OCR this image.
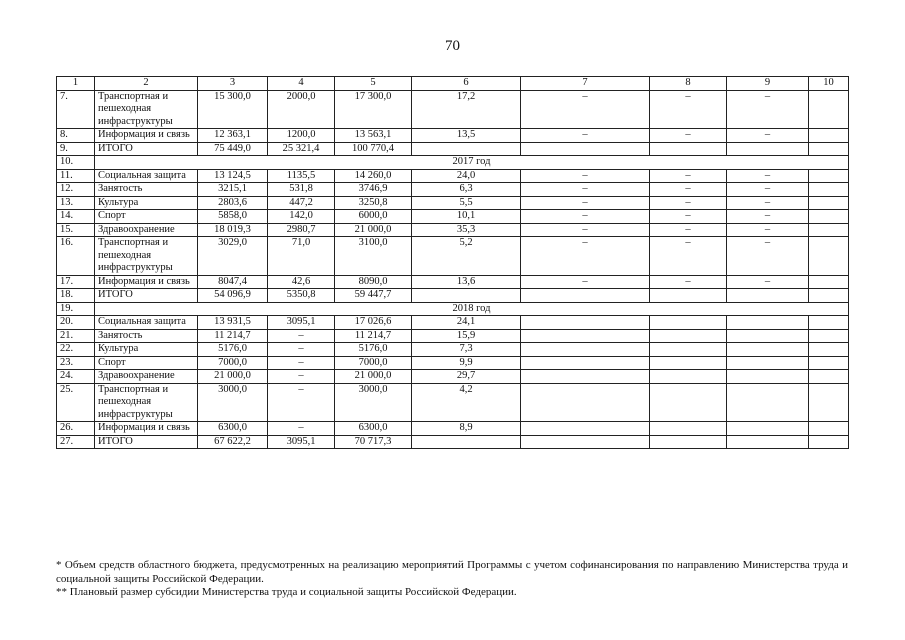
70
1	2	3	4	5	6	7	8	9	10
7.	Транспортная и пешеходная инфраструктуры	15 300,0	2000,0	17 300,0	17,2	–	–	–	
8.	Информация и связь	12 363,1	1200,0	13 563,1	13,5	–	–	–	
9.	ИТОГО	75 449,0	25 321,4	100 770,4					
10.	2017 год								
11.	Социальная защита	13 124,5	1135,5	14 260,0	24,0	–	–	–	
12.	Занятость	3215,1	531,8	3746,9	6,3	–	–	–	
13.	Культура	2803,6	447,2	3250,8	5,5	–	–	–	
14.	Спорт	5858,0	142,0	6000,0	10,1	–	–	–	
15.	Здравоохранение	18 019,3	2980,7	21 000,0	35,3	–	–	–	
16.	Транспортная и пешеходная инфраструктуры	3029,0	71,0	3100,0	5,2	–	–	–	
17.	Информация и связь	8047,4	42,6	8090,0	13,6	–	–	–	
18.	ИТОГО	54 096,9	5350,8	59 447,7					
19.	2018 год								
20.	Социальная защита	13 931,5	3095,1	17 026,6	24,1				
21.	Занятость	11 214,7	–	11 214,7	15,9				
22.	Культура	5176,0	–	5176,0	7,3				
23.	Спорт	7000,0	–	7000,0	9,9				
24.	Здравоохранение	21 000,0	–	21 000,0	29,7				
25.	Транспортная и пешеходная инфраструктуры	3000,0	–	3000,0	4,2				
26.	Информация и связь	6300,0	–	6300,0	8,9				
27.	ИТОГО	67 622,2	3095,1	70 717,3					

* Объем средств областного бюджета, предусмотренных на реализацию мероприятий Программы с учетом софинансирования по направлению Министерства труда и социальной защиты Российской Федерации.

** Плановый размер субсидии Министерства труда и социальной защиты Российской Федерации.
